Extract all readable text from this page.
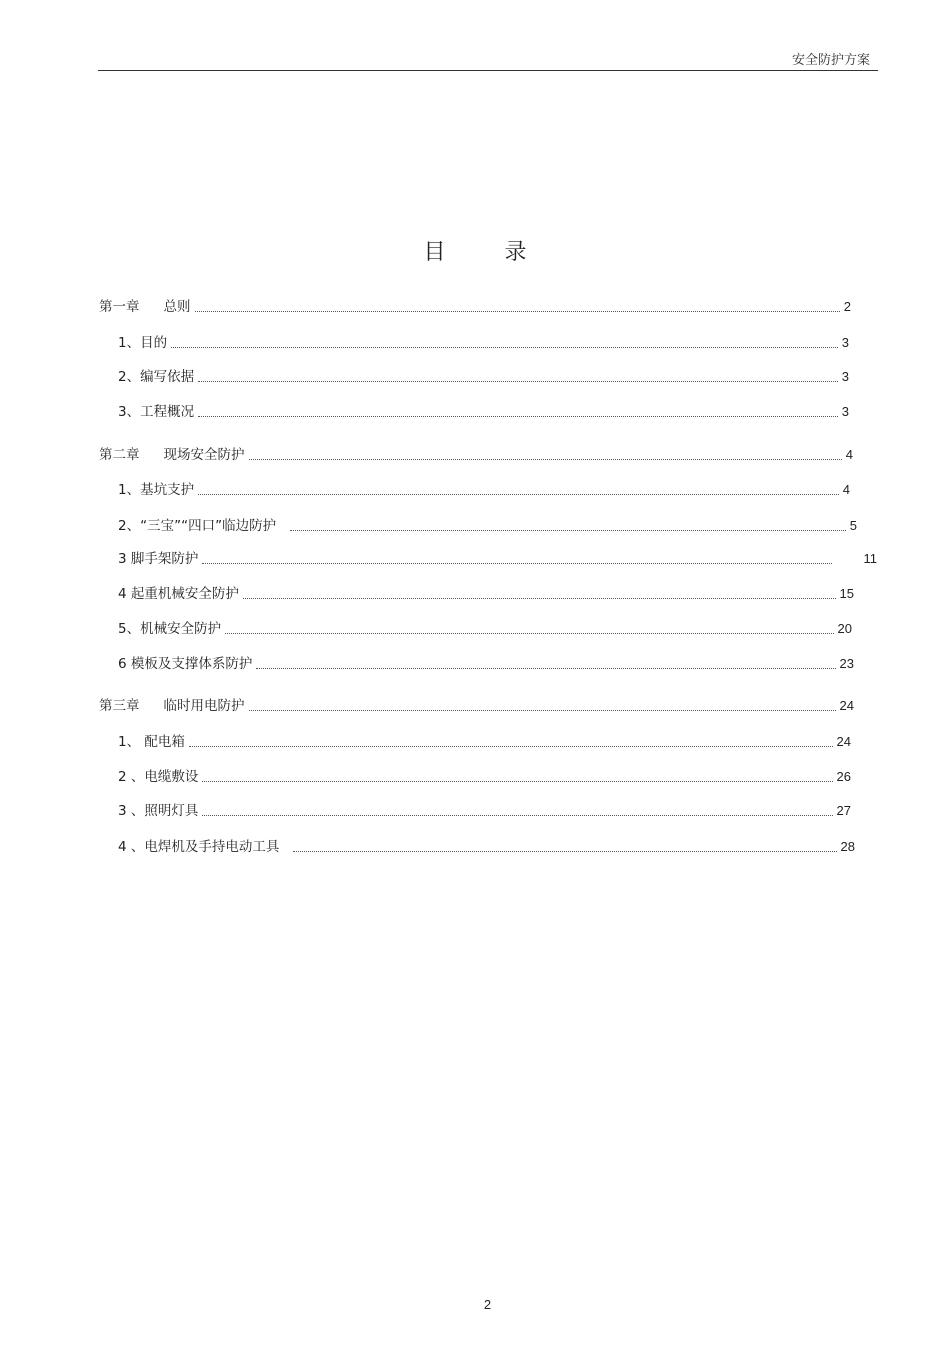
安全防护方案
目 录
第一章 总则	2
1、目的	3
2、编写依据	3
3、工程概况	3
第二章 现场安全防护	4
1、基坑支护	4
2、“三宝”“四口”临边防护	5
3 脚手架防护	11
4 起重机械安全防护	15
5、机械安全防护	20
6 模板及支撑体系防护	23
第三章 临时用电防护	24
1、 配电箱	24
2 、电缆敷设	26
3 、照明灯具	27
4 、电焊机及手持电动工具	28
2
